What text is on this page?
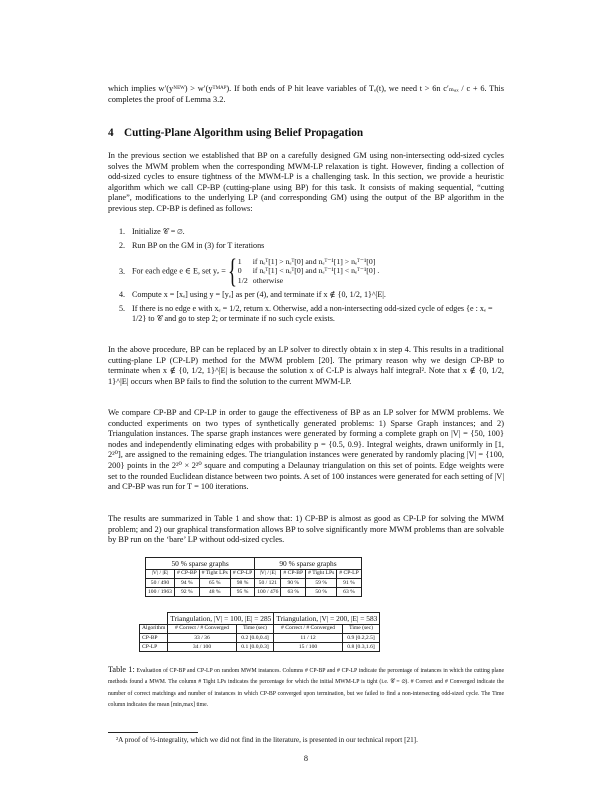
which implies w′(yᴺᴱᵂ) > w′(yᵀᴹᴬᴾ). If both ends of P hit leave variables of Tₑ(t), we need t > 6n c′ₘₐₓ / c + 6. This completes the proof of Lemma 3.2.
4 Cutting-Plane Algorithm using Belief Propagation
In the previous section we established that BP on a carefully designed GM using non-intersecting odd-sized cycles solves the MWM problem when the corresponding MWM-LP relaxation is tight. However, finding a collection of odd-sized cycles to ensure tightness of the MWM-LP is a challenging task. In this section, we provide a heuristic algorithm which we call CP-BP (cutting-plane using BP) for this task. It consists of making sequential, “cutting plane”, modifications to the underlying LP (and corresponding GM) using the output of the BP algorithm in the previous step. CP-BP is defined as follows:
1. Initialize 𝒞 = ∅.
2. Run BP on the GM in (3) for T iterations
3. For each edge e ∈ E, set yₑ = { 1	if nₑᵀ[1] > nₑᵀ[0] and nₑᵀ⁻¹[1] > nₑᵀ⁻¹[0]
0	if nₑᵀ[1] < nₑᵀ[0] and nₑᵀ⁻¹[1] < nₑᵀ⁻¹[0] .
1/2	otherwise
4. Compute x = [xₑ] using y = [yₑ] as per (4), and terminate if x ∉ {0, 1/2, 1}^|E|.
5. If there is no edge e with xₑ = 1/2, return x. Otherwise, add a non-intersecting odd-sized cycle of edges {e : xₑ = 1/2} to 𝒞 and go to step 2; or terminate if no such cycle exists.
In the above procedure, BP can be replaced by an LP solver to directly obtain x in step 4. This results in a traditional cutting-plane LP (CP-LP) method for the MWM problem [20]. The primary reason why we design CP-BP to terminate when x ∉ {0, 1/2, 1}^|E| is because the solution x of C-LP is always half integral². Note that x ∉ {0, 1/2, 1}^|E| occurs when BP fails to find the solution to the current MWM-LP.
We compare CP-BP and CP-LP in order to gauge the effectiveness of BP as an LP solver for MWM problems. We conducted experiments on two types of synthetically generated problems: 1) Sparse Graph instances; and 2) Triangulation instances. The sparse graph instances were generated by forming a complete graph on |V| = {50, 100} nodes and independently eliminating edges with probability p = {0.5, 0.9}. Integral weights, drawn uniformly in [1, 2²⁰], are assigned to the remaining edges. The triangulation instances were generated by randomly placing |V| = {100, 200} points in the 2²⁰ × 2²⁰ square and computing a Delaunay triangulation on this set of points. Edge weights were set to the rounded Euclidean distance between two points. A set of 100 instances were generated for each setting of |V| and CP-BP was run for T = 100 iterations.
The results are summarized in Table 1 and show that: 1) CP-BP is almost as good as CP-LP for solving the MWM problem; and 2) our graphical transformation allows BP to solve significantly more MWM problems than are solvable by BP run on the ‘bare’ LP without odd-sized cycles.
50 % sparse graphs				90 % sparse graphs			
|V| / |E|	# CP-BP	# Tight LPs	# CP-LP	|V| / |E|	# CP-BP	# Tight LPs	# CP-LP
50 / 490	94 %	65 %	98 %	50 / 121	90 %	59 %	91 %
100 / 1963	92 %	48 %	95 %	100 / 476	63 %	50 %	63 %
	Triangulation, |V| = 100, |E| = 285		Triangulation, |V| = 200, |E| = 583	
Algorithm	# Correct / # Converged	Time (sec)	# Correct / # Converged	Time (sec)
CP-BP	33 / 36	0.2 [0.0,0.4]	11 / 12	0.9 [0.2,2.5]
CP-LP	34 / 100	0.1 [0.0,0.3]	15 / 100	0.8 [0.3,1.6]
Table 1: Evaluation of CP-BP and CP-LP on random MWM instances. Columns # CP-BP and # CP-LP indicate the percentage of instances in which the cutting plane methods found a MWM. The column # Tight LPs indicates the percentage for which the initial MWM-LP is tight (i.e. 𝒞 = ∅). # Correct and # Converged indicate the number of correct matchings and number of instances in which CP-BP converged upon termination, but we failed to find a non-intersecting odd-sized cycle. The Time column indicates the mean [min,max] time.
²A proof of ½-integrality, which we did not find in the literature, is presented in our technical report [21].
8
